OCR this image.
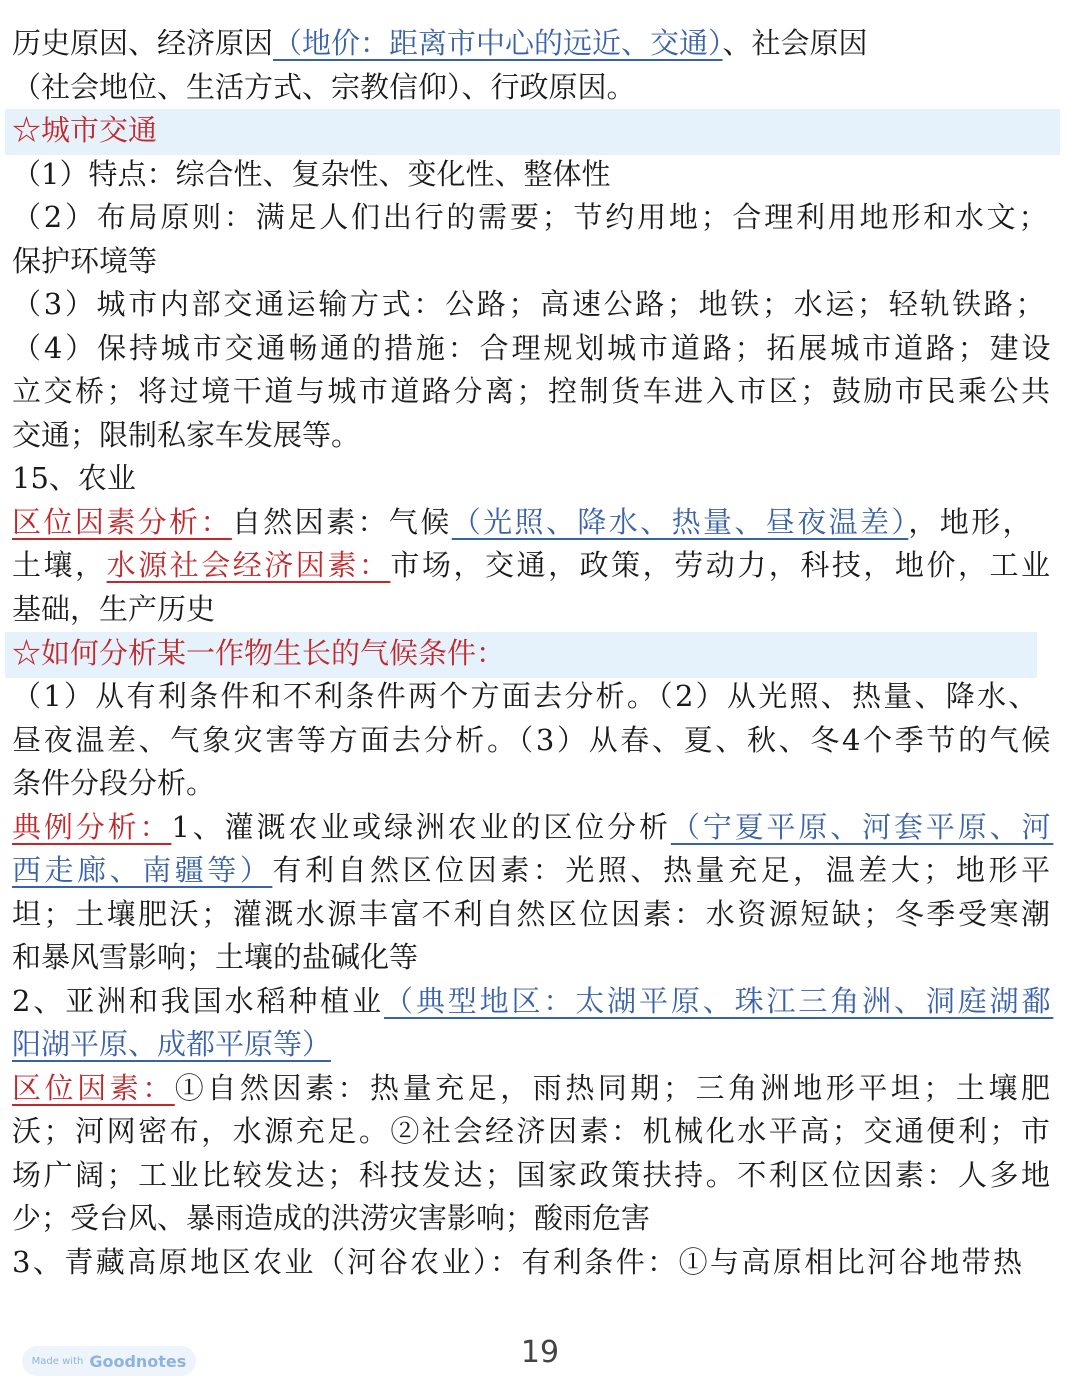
历史原因、经济原因（地价：距离市中心的远近、交通）、社会原因
（社会地位、生活方式、宗教信仰）、行政原因。
☆城市交通
（1）特点：综合性、复杂性、变化性、整体性
（2）布局原则：满足人们出行的需要；节约用地；合理利用地形和水文；
保护环境等
（3）城市内部交通运输方式：公路；高速公路；地铁；水运；轻轨铁路；
（4）保持城市交通畅通的措施：合理规划城市道路；拓展城市道路；建设
立交桥；将过境干道与城市道路分离；控制货车进入市区；鼓励市民乘公共
交通；限制私家车发展等。
15、农业
区位因素分析：自然因素：气候（光照、降水、热量、昼夜温差），地形，
土壤，水源社会经济因素：市场，交通，政策，劳动力，科技，地价，工业
基础，生产历史
☆如何分析某一作物生长的气候条件：
（1）从有利条件和不利条件两个方面去分析。（2）从光照、热量、降水、
昼夜温差、气象灾害等方面去分析。（3）从春、夏、秋、冬4个季节的气候
条件分段分析。
典例分析：1、灌溉农业或绿洲农业的区位分析（宁夏平原、河套平原、河
西走廊、南疆等）有利自然区位因素：光照、热量充足，温差大；地形平
坦；土壤肥沃；灌溉水源丰富不利自然区位因素：水资源短缺；冬季受寒潮
和暴风雪影响；土壤的盐碱化等
2、亚洲和我国水稻种植业（典型地区：太湖平原、珠江三角洲、洞庭湖鄱
阳湖平原、成都平原等）
区位因素：①自然因素：热量充足，雨热同期；三角洲地形平坦；土壤肥
沃；河网密布，水源充足。②社会经济因素：机械化水平高；交通便利；市
场广阔；工业比较发达；科技发达；国家政策扶持。不利区位因素：人多地
少；受台风、暴雨造成的洪涝灾害影响；酸雨危害
3、青藏高原地区农业（河谷农业）：有利条件：①与高原相比河谷地带热
Made with Goodnotes	19
